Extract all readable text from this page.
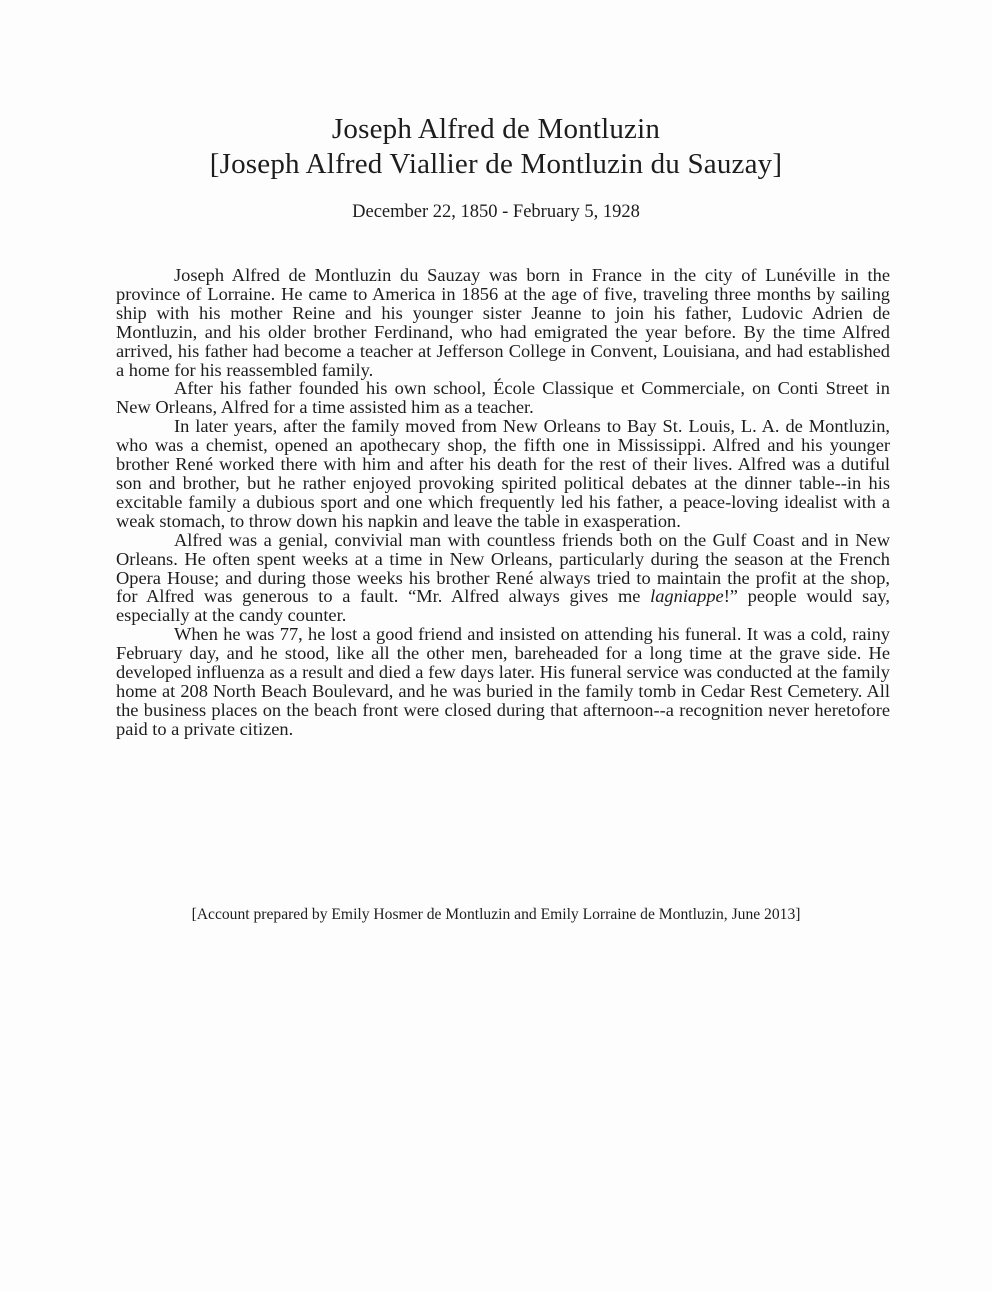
Joseph Alfred de Montluzin
[Joseph Alfred Viallier de Montluzin du Sauzay]
December 22, 1850 - February 5, 1928

Joseph Alfred de Montluzin du Sauzay was born in France in the city of Lunéville in the province of Lorraine. He came to America in 1856 at the age of five, traveling three months by sailing ship with his mother Reine and his younger sister Jeanne to join his father, Ludovic Adrien de Montluzin, and his older brother Ferdinand, who had emigrated the year before. By the time Alfred arrived, his father had become a teacher at Jefferson College in Convent, Louisiana, and had established a home for his reassembled family.

After his father founded his own school, École Classique et Commerciale, on Conti Street in New Orleans, Alfred for a time assisted him as a teacher.

In later years, after the family moved from New Orleans to Bay St. Louis, L. A. de Montluzin, who was a chemist, opened an apothecary shop, the fifth one in Mississippi. Alfred and his younger brother René worked there with him and after his death for the rest of their lives. Alfred was a dutiful son and brother, but he rather enjoyed provoking spirited political debates at the dinner table--in his excitable family a dubious sport and one which frequently led his father, a peace-loving idealist with a weak stomach, to throw down his napkin and leave the table in exasperation.

Alfred was a genial, convivial man with countless friends both on the Gulf Coast and in New Orleans. He often spent weeks at a time in New Orleans, particularly during the season at the French Opera House; and during those weeks his brother René always tried to maintain the profit at the shop, for Alfred was generous to a fault. “Mr. Alfred always gives me lagniappe!” people would say, especially at the candy counter.

When he was 77, he lost a good friend and insisted on attending his funeral. It was a cold, rainy February day, and he stood, like all the other men, bareheaded for a long time at the grave side. He developed influenza as a result and died a few days later. His funeral service was conducted at the family home at 208 North Beach Boulevard, and he was buried in the family tomb in Cedar Rest Cemetery. All the business places on the beach front were closed during that afternoon--a recognition never heretofore paid to a private citizen.

[Account prepared by Emily Hosmer de Montluzin and Emily Lorraine de Montluzin, June 2013]
